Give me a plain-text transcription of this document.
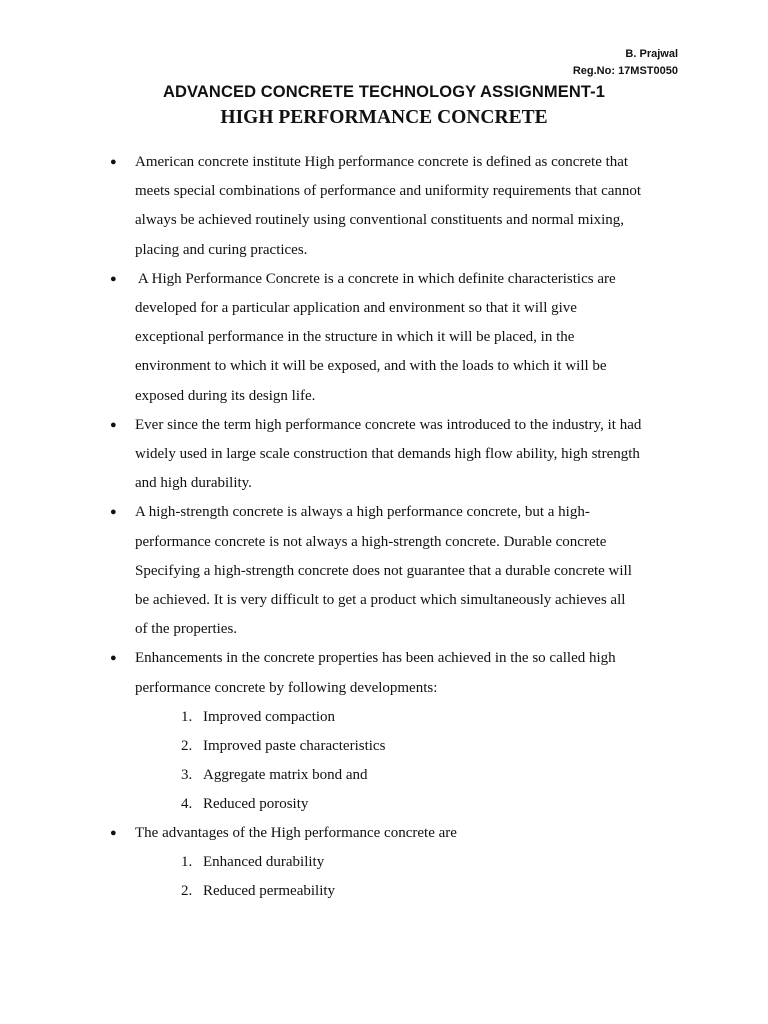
B. Prajwal
Reg.No: 17MST0050
ADVANCED CONCRETE TECHNOLOGY ASSIGNMENT-1
HIGH PERFORMANCE CONCRETE
● American concrete institute High performance concrete is defined as concrete that
meets special combinations of performance and uniformity requirements that cannot
always be achieved routinely using conventional constituents and normal mixing,
placing and curing practices.
● A High Performance Concrete is a concrete in which definite characteristics are
developed for a particular application and environment so that it will give
exceptional performance in the structure in which it will be placed, in the
environment to which it will be exposed, and with the loads to which it will be
exposed during its design life.
● Ever since the term high performance concrete was introduced to the industry, it had
widely used in large scale construction that demands high flow ability, high strength
and high durability.
● A high-strength concrete is always a high performance concrete, but a high-
performance concrete is not always a high-strength concrete. Durable concrete
Specifying a high-strength concrete does not guarantee that a durable concrete will
be achieved. It is very difficult to get a product which simultaneously achieves all
of the properties.
● Enhancements in the concrete properties has been achieved in the so called high
performance concrete by following developments:
1. Improved compaction
2. Improved paste characteristics
3. Aggregate matrix bond and
4. Reduced porosity
● The advantages of the High performance concrete are
1. Enhanced durability
2. Reduced permeability
